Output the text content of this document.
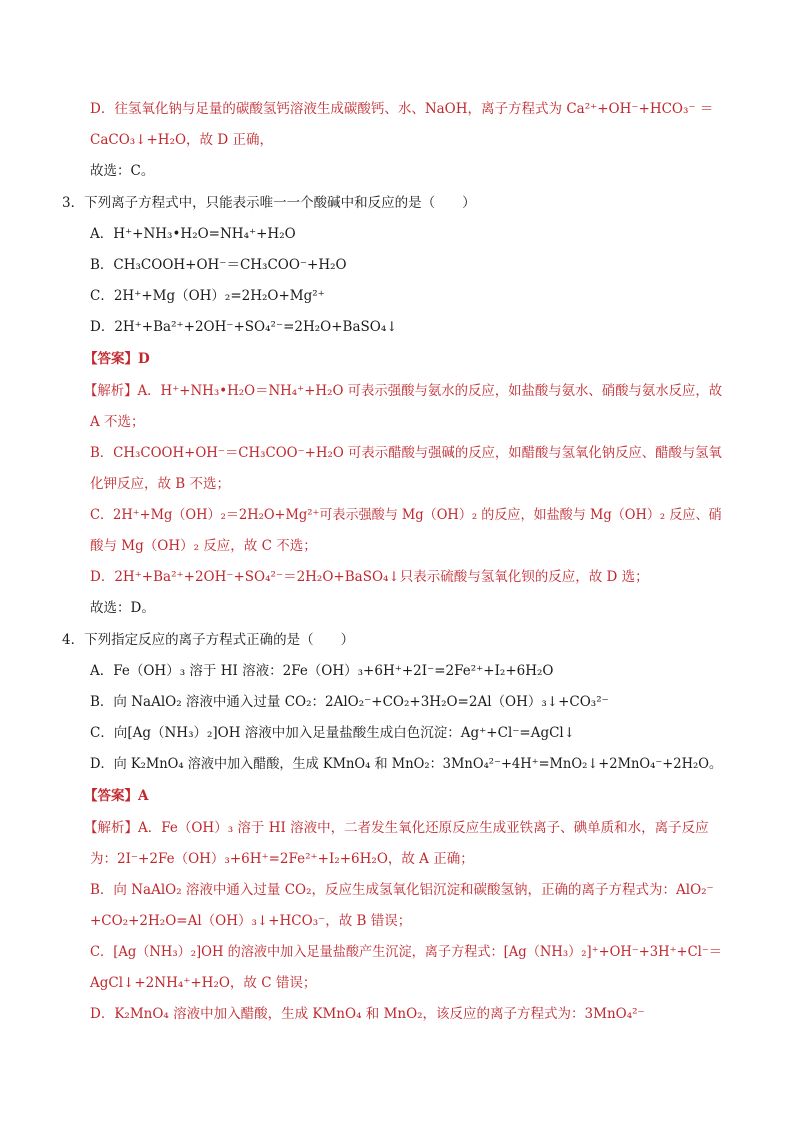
D．往氢氧化钠与足量的碳酸氢钙溶液生成碳酸钙、水、NaOH，离子方程式为 Ca²⁺+OH⁻+HCO₃⁻ ＝
CaCO₃↓+H₂O，故 D 正确，
故选：C。
3．下列离子方程式中，只能表示唯一一个酸碱中和反应的是（　　）
A．H⁺+NH₃•H₂O=NH₄⁺+H₂O
B．CH₃COOH+OH⁻＝CH₃COO⁻+H₂O
C．2H⁺+Mg（OH）₂=2H₂O+Mg²⁺
D．2H⁺+Ba²⁺+2OH⁻+SO₄²⁻=2H₂O+BaSO₄↓
【答案】D
【解析】A．H⁺+NH₃•H₂O＝NH₄⁺+H₂O 可表示强酸与氨水的反应，如盐酸与氨水、硝酸与氨水反应，故
A 不选；
B．CH₃COOH+OH⁻＝CH₃COO⁻+H₂O 可表示醋酸与强碱的反应，如醋酸与氢氧化钠反应、醋酸与氢氧
化钾反应，故 B 不选；
C．2H⁺+Mg（OH）₂＝2H₂O+Mg²⁺可表示强酸与 Mg（OH）₂ 的反应，如盐酸与 Mg（OH）₂ 反应、硝
酸与 Mg（OH）₂ 反应，故 C 不选；
D．2H⁺+Ba²⁺+2OH⁻+SO₄²⁻＝2H₂O+BaSO₄↓只表示硫酸与氢氧化钡的反应，故 D 选；
故选：D。
4．下列指定反应的离子方程式正确的是（　　）
A．Fe（OH）₃ 溶于 HI 溶液：2Fe（OH）₃+6H⁺+2I⁻=2Fe²⁺+I₂+6H₂O
B．向 NaAlO₂ 溶液中通入过量 CO₂：2AlO₂⁻+CO₂+3H₂O=2Al（OH）₃↓+CO₃²⁻
C．向[Ag（NH₃）₂]OH 溶液中加入足量盐酸生成白色沉淀：Ag⁺+Cl⁻=AgCl↓
D．向 K₂MnO₄ 溶液中加入醋酸，生成 KMnO₄ 和 MnO₂：3MnO₄²⁻+4H⁺=MnO₂↓+2MnO₄⁻+2H₂O。
【答案】A
【解析】A．Fe（OH）₃ 溶于 HI 溶液中，二者发生氧化还原反应生成亚铁离子、碘单质和水，离子反应
为：2I⁻+2Fe（OH）₃+6H⁺=2Fe²⁺+I₂+6H₂O，故 A 正确；
B．向 NaAlO₂ 溶液中通入过量 CO₂，反应生成氢氧化铝沉淀和碳酸氢钠，正确的离子方程式为：AlO₂⁻
+CO₂+2H₂O=Al（OH）₃↓+HCO₃⁻，故 B 错误；
C．[Ag（NH₃）₂]OH 的溶液中加入足量盐酸产生沉淀，离子方程式：[Ag（NH₃）₂]⁺+OH⁻+3H⁺+Cl⁻＝
AgCl↓+2NH₄⁺+H₂O，故 C 错误；
D．K₂MnO₄ 溶液中加入醋酸，生成 KMnO₄ 和 MnO₂，该反应的离子方程式为：3MnO₄²⁻
